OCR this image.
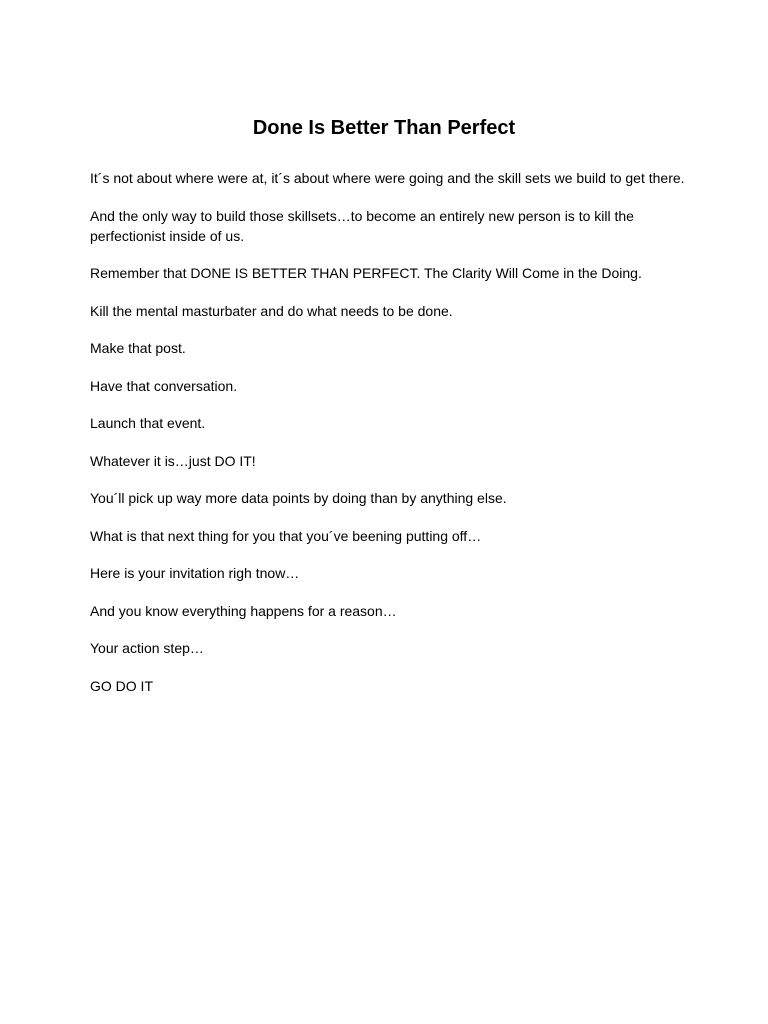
Done Is Better Than Perfect

It´s not about where were at, it´s about where were going and the skill sets we build to get there.

And the only way to build those skillsets…to become an entirely new person is to kill the perfectionist inside of us.

Remember that DONE IS BETTER THAN PERFECT. The Clarity Will Come in the Doing.

Kill the mental masturbater and do what needs to be done.

Make that post.

Have that conversation.

Launch that event.

Whatever it is…just DO IT!

You´ll pick up way more data points by doing than by anything else.

What is that next thing for you that you´ve beening putting off…

Here is your invitation righ tnow…

And you know everything happens for a reason…

Your action step…

GO DO IT
